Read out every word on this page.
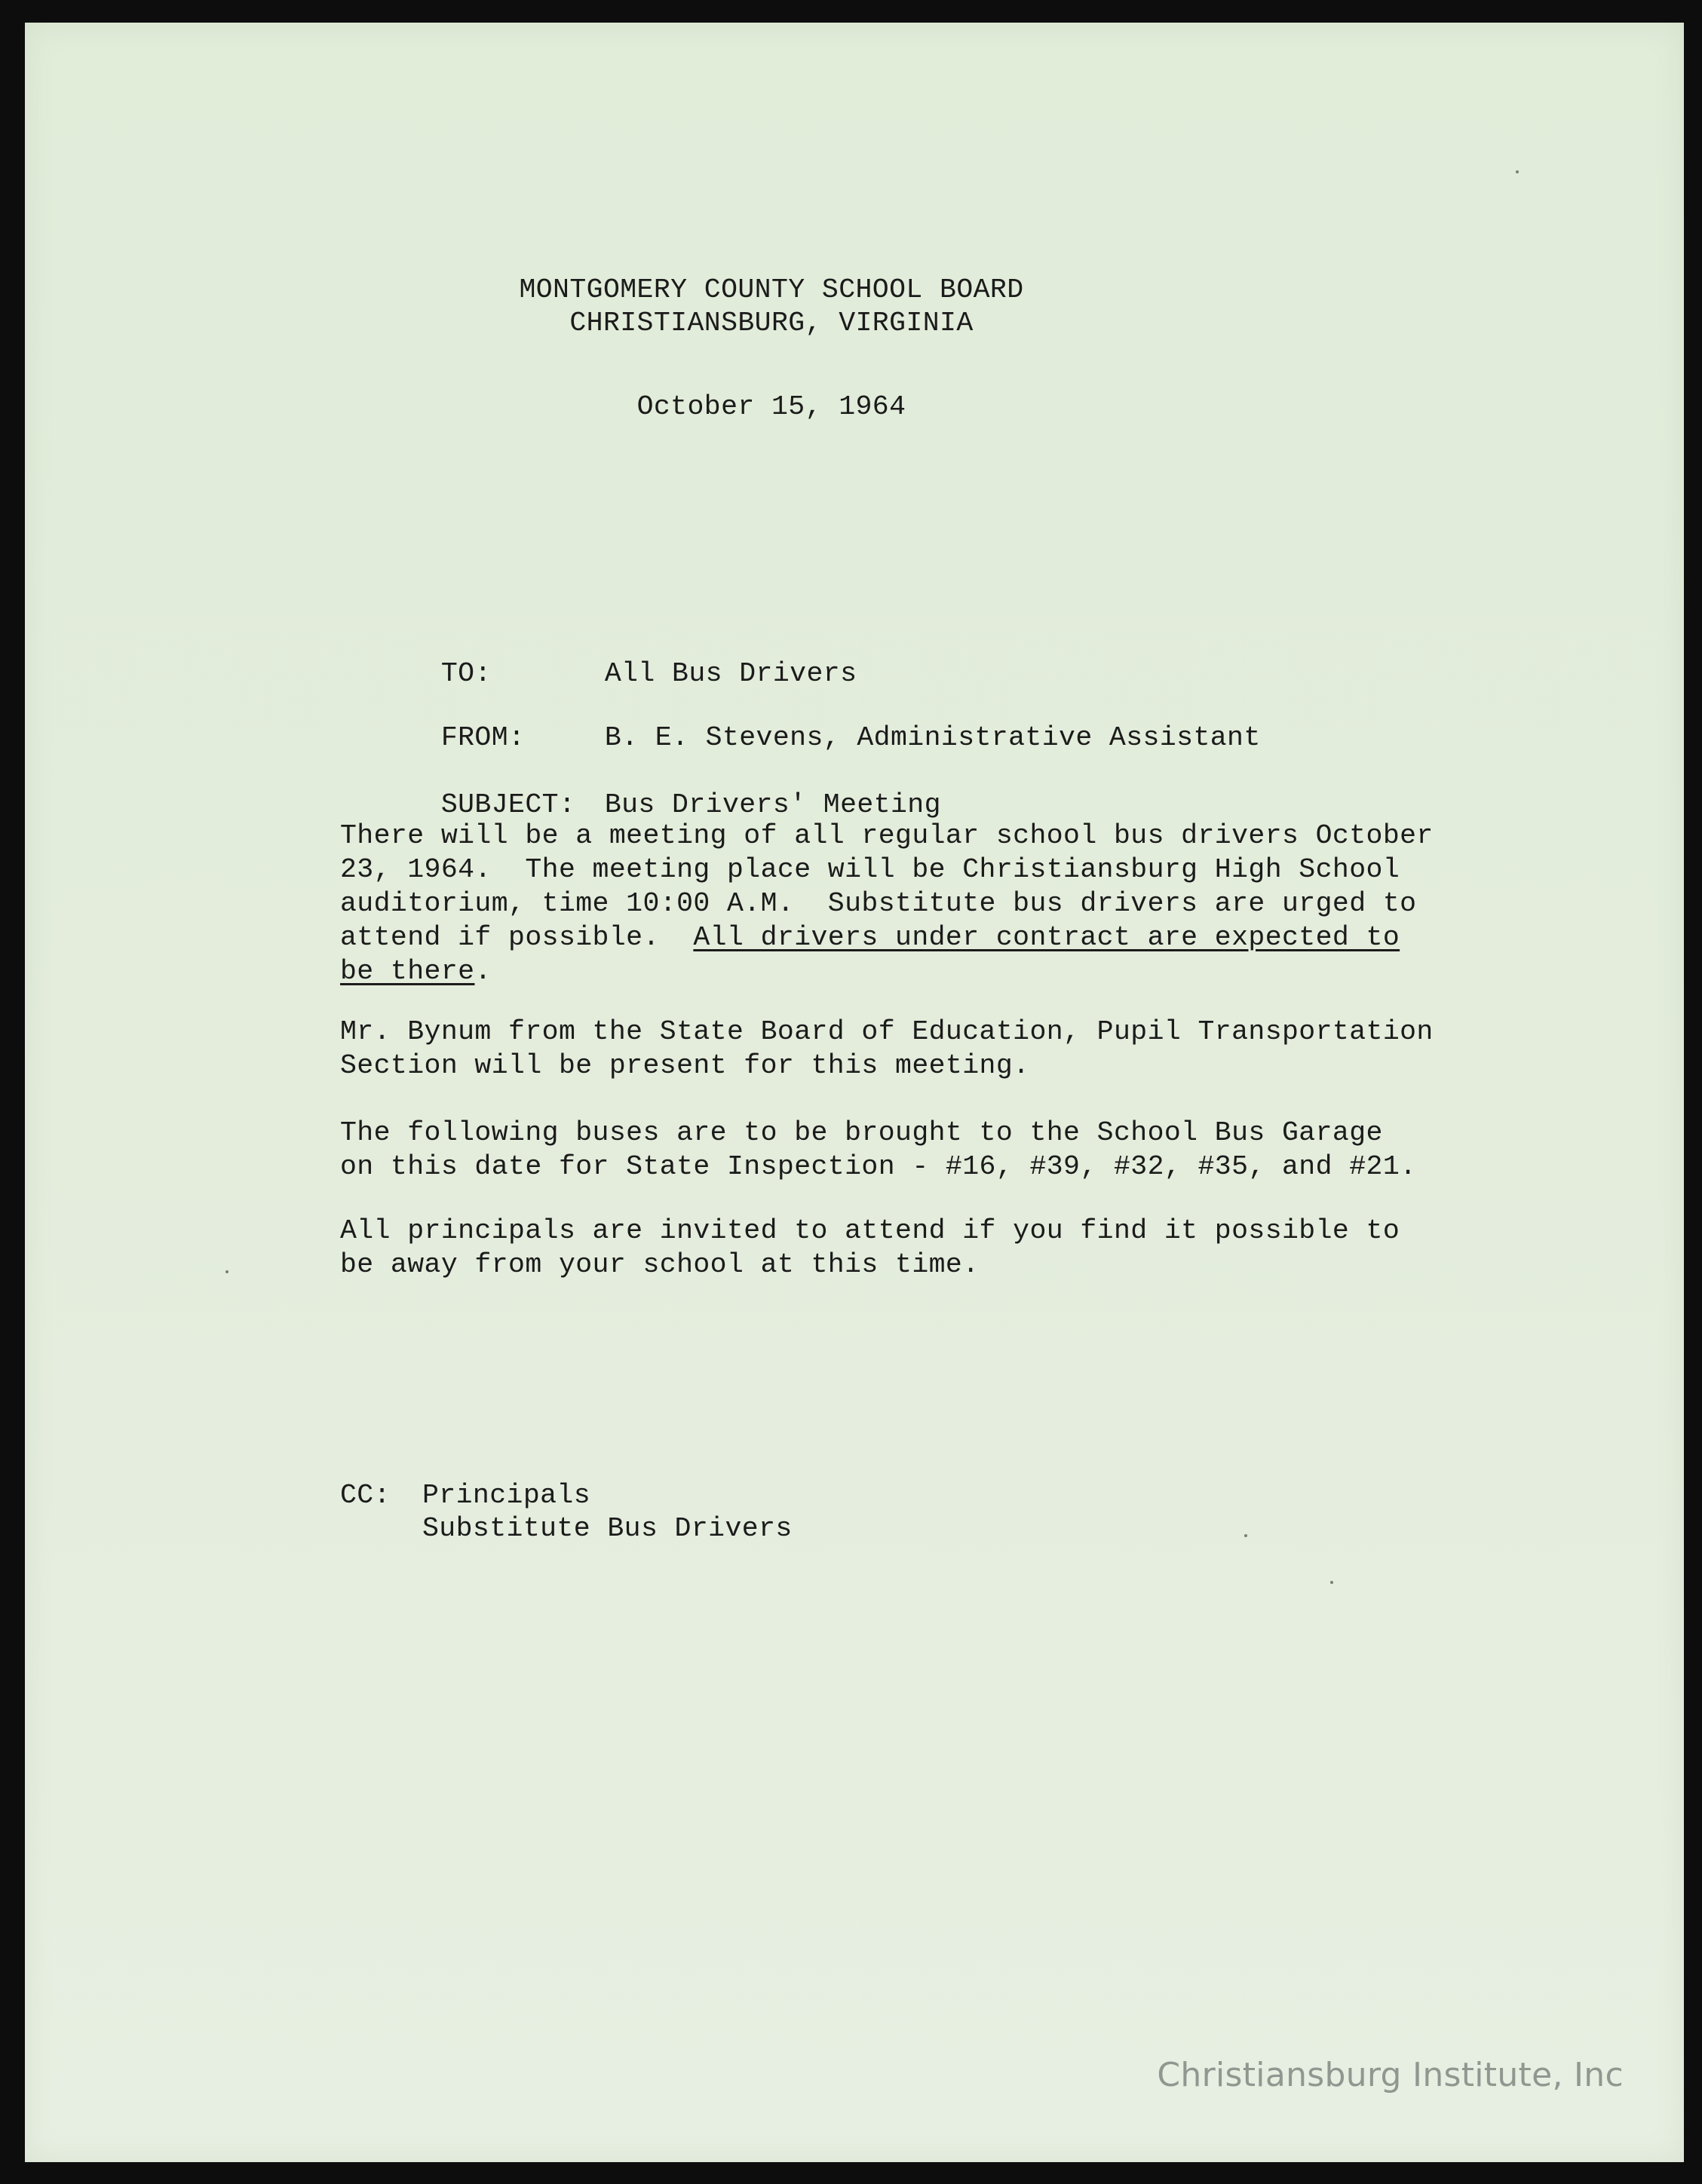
MONTGOMERY COUNTY SCHOOL BOARD
CHRISTIANSBURG, VIRGINIA
October 15, 1964

TO:	All Bus Drivers

FROM:	B. E. Stevens, Administrative Assistant

SUBJECT: Bus Drivers' Meeting

There will be a meeting of all regular school bus drivers October
23, 1964.  The meeting place will be Christiansburg High School
auditorium, time 10:00 A.M.  Substitute bus drivers are urged to
attend if possible.  All drivers under contract are expected to
be there.
Mr. Bynum from the State Board of Education, Pupil Transportation
Section will be present for this meeting.
The following buses are to be brought to the School Bus Garage
on this date for State Inspection - #16, #39, #32, #35, and #21.
All principals are invited to attend if you find it possible to
be away from your school at this time.
CC: Principals
Substitute Bus Drivers
Christiansburg Institute, Inc
